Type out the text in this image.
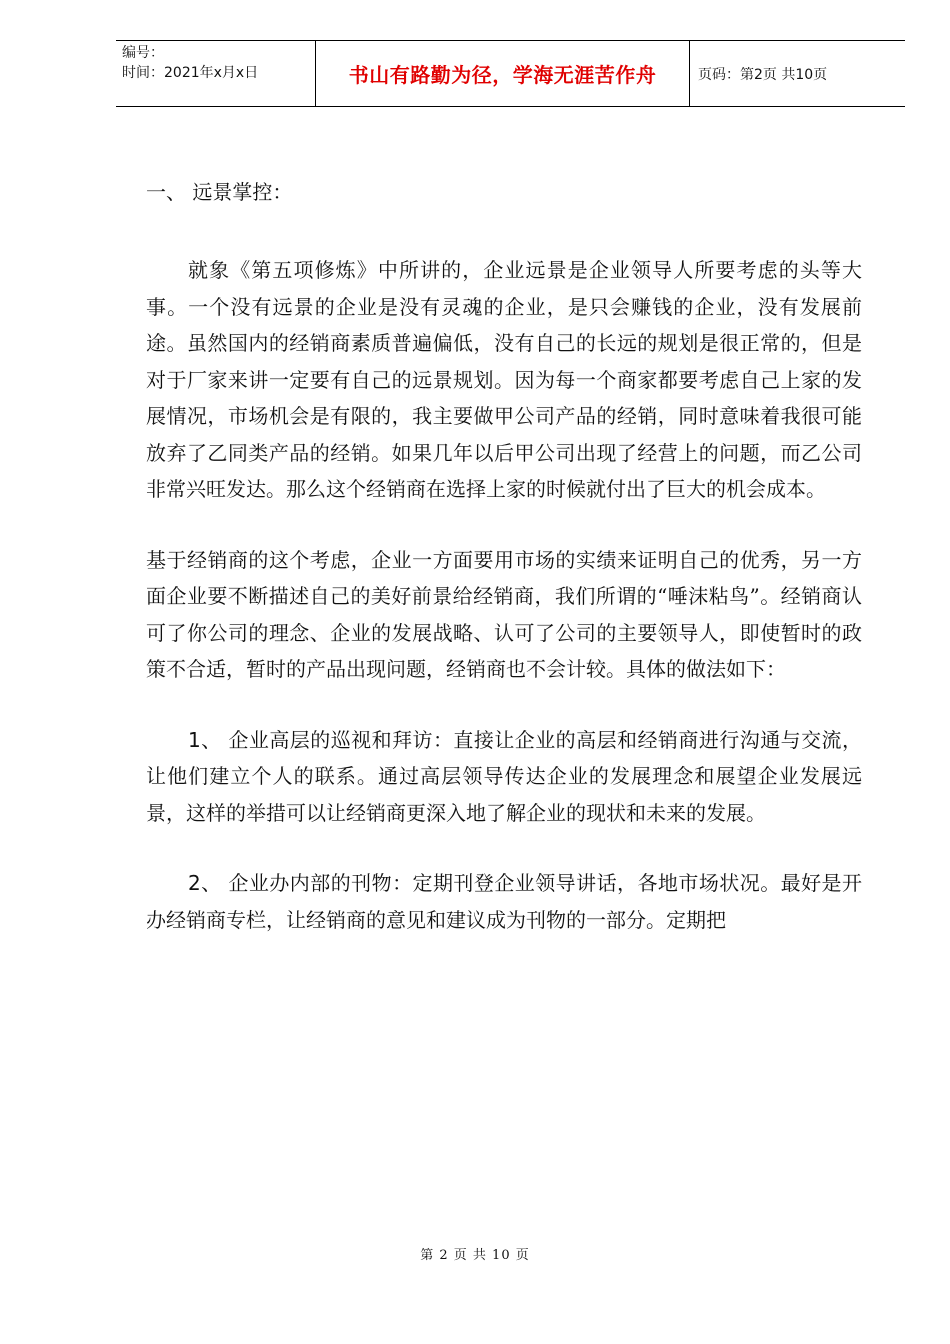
编号：
时间：2021年x月x日	书山有路勤为径，学海无涯苦作舟	页码：第2页 共10页
一、 远景掌控：

就象《第五项修炼》中所讲的，企业远景是企业领导人所要考虑的头等大事。一个没有远景的企业是没有灵魂的企业，是只会赚钱的企业，没有发展前途。虽然国内的经销商素质普遍偏低，没有自己的长远的规划是很正常的，但是对于厂家来讲一定要有自己的远景规划。因为每一个商家都要考虑自己上家的发展情况，市场机会是有限的，我主要做甲公司产品的经销，同时意味着我很可能放弃了乙同类产品的经销。如果几年以后甲公司出现了经营上的问题，而乙公司非常兴旺发达。那么这个经销商在选择上家的时候就付出了巨大的机会成本。

基于经销商的这个考虑，企业一方面要用市场的实绩来证明自己的优秀，另一方面企业要不断描述自己的美好前景给经销商，我们所谓的“唾沫粘鸟”。经销商认可了你公司的理念、企业的发展战略、认可了公司的主要领导人，即使暂时的政策不合适，暂时的产品出现问题，经销商也不会计较。具体的做法如下：

1、 企业高层的巡视和拜访：直接让企业的高层和经销商进行沟通与交流，让他们建立个人的联系。通过高层领导传达企业的发展理念和展望企业发展远景，这样的举措可以让经销商更深入地了解企业的现状和未来的发展。

2、 企业办内部的刊物：定期刊登企业领导讲话，各地市场状况。最好是开办经销商专栏，让经销商的意见和建议成为刊物的一部分。定期把

第 2 页 共 10 页
